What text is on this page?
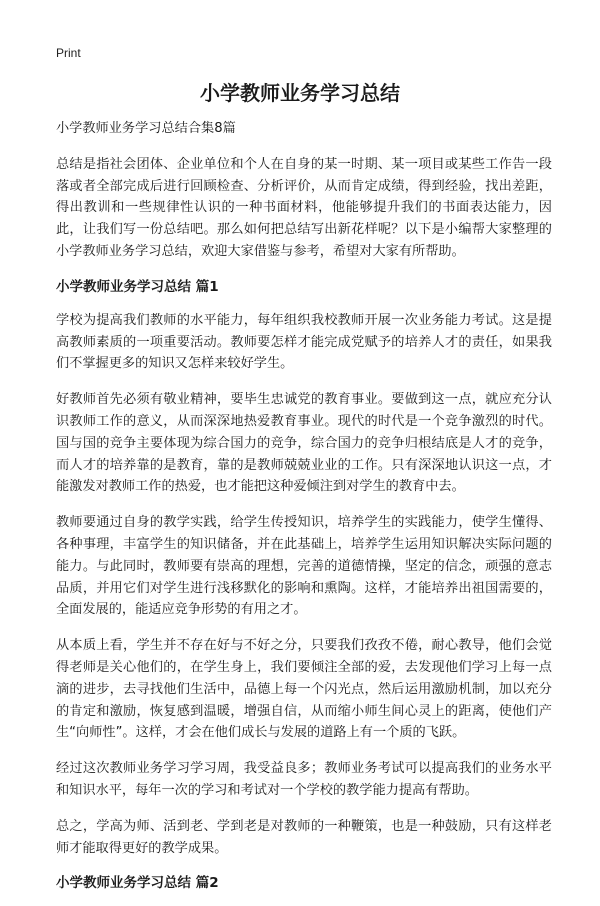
Print
小学教师业务学习总结

小学教师业务学习总结合集8篇

总结是指社会团体、企业单位和个人在自身的某一时期、某一项目或某些工作告一段落或者全部完成后进行回顾检查、分析评价，从而肯定成绩，得到经验，找出差距，得出教训和一些规律性认识的一种书面材料，他能够提升我们的书面表达能力，因此，让我们写一份总结吧。那么如何把总结写出新花样呢？以下是小编帮大家整理的小学教师业务学习总结，欢迎大家借鉴与参考，希望对大家有所帮助。

小学教师业务学习总结 篇1

学校为提高我们教师的水平能力，每年组织我校教师开展一次业务能力考试。这是提高教师素质的一项重要活动。教师要怎样才能完成党赋予的培养人才的责任，如果我们不掌握更多的知识又怎样来较好学生。

好教师首先必须有敬业精神，要毕生忠诚党的教育事业。要做到这一点，就应充分认识教师工作的意义，从而深深地热爱教育事业。现代的时代是一个竞争激烈的时代。国与国的竞争主要体现为综合国力的竞争，综合国力的竞争归根结底是人才的竞争，而人才的培养靠的是教育，靠的是教师兢兢业业的工作。只有深深地认识这一点，才能激发对教师工作的热爱，也才能把这种爱倾注到对学生的教育中去。

教师要通过自身的教学实践，给学生传授知识，培养学生的实践能力，使学生懂得、各种事理，丰富学生的知识储备，并在此基础上，培养学生运用知识解决实际问题的能力。与此同时，教师要有崇高的理想，完善的道德情操，坚定的信念，顽强的意志品质，并用它们对学生进行浅移默化的影响和熏陶。这样，才能培养出祖国需要的，全面发展的，能适应竞争形势的有用之才。

从本质上看，学生并不存在好与不好之分，只要我们孜孜不倦，耐心教导，他们会觉得老师是关心他们的，在学生身上，我们要倾注全部的爱，去发现他们学习上每一点滴的进步，去寻找他们生活中，品德上每一个闪光点，然后运用激励机制，加以充分的肯定和激励，恢复感到温暖，增强自信，从而缩小师生间心灵上的距离，使他们产生“向师性”。这样，才会在他们成长与发展的道路上有一个质的飞跃。

经过这次教师业务学习学习周，我受益良多；教师业务考试可以提高我们的业务水平和知识水平，每年一次的学习和考试对一个学校的教学能力提高有帮助。

总之，学高为师、活到老、学到老是对教师的一种鞭策，也是一种鼓励，只有这样老师才能取得更好的教学成果。

小学教师业务学习总结 篇2
